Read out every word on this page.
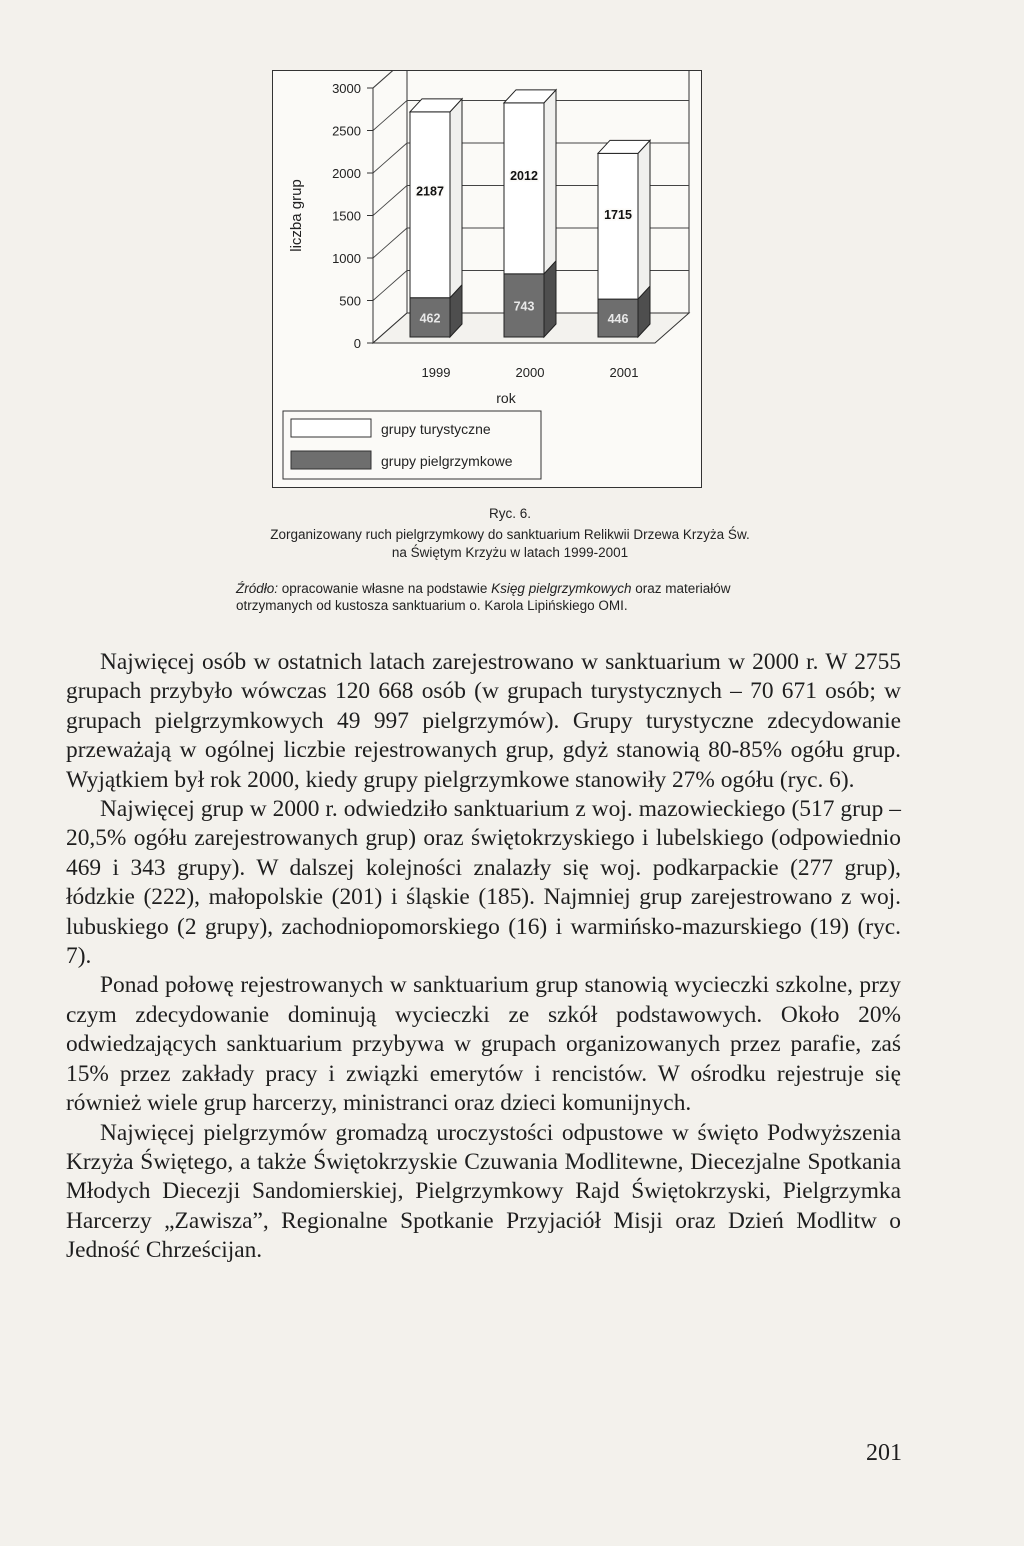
0
500
1000
1500
2000
2500
3000
liczba grup	2187
462
1999
2012
743
2000
1715
446
2001
rok
grupy turystyczne
grupy pielgrzymkowe
Ryc. 6.
Zorganizowany ruch pielgrzymkowy do sanktuarium Relikwii Drzewa Krzyża Św.
na Świętym Krzyżu w latach 1999-2001
Źródło: opracowanie własne na podstawie Księg pielgrzymkowych oraz materiałów otrzymanych od kustosza sanktuarium o. Karola Lipińskiego OMI.

Najwięcej osób w ostatnich latach zarejestrowano w sanktuarium w 2000 r. W 2755 grupach przybyło wówczas 120 668 osób (w grupach turystycznych – 70 671 osób; w grupach pielgrzymkowych 49 997 pielgrzymów). Grupy turystyczne zdecydowanie przeważają w ogólnej liczbie rejestrowanych grup, gdyż stanowią 80-85% ogółu grup. Wyjątkiem był rok 2000, kiedy grupy pielgrzymkowe stanowiły 27% ogółu (ryc. 6).

Najwięcej grup w 2000 r. odwiedziło sanktuarium z woj. mazowieckiego (517 grup – 20,5% ogółu zarejestrowanych grup) oraz świętokrzyskiego i lubelskiego (odpowiednio 469 i 343 grupy). W dalszej kolejności znalazły się woj. podkarpackie (277 grup), łódzkie (222), małopolskie (201) i śląskie (185). Najmniej grup zarejestrowano z woj. lubuskiego (2 grupy), zachodniopomorskiego (16) i warmińsko-mazurskiego (19) (ryc. 7).

Ponad połowę rejestrowanych w sanktuarium grup stanowią wycieczki szkolne, przy czym zdecydowanie dominują wycieczki ze szkół podstawowych. Około 20% odwiedzających sanktuarium przybywa w grupach organizowanych przez parafie, zaś 15% przez zakłady pracy i związki emerytów i rencistów. W ośrodku rejestruje się również wiele grup harcerzy, ministranci oraz dzieci komunijnych.

Najwięcej pielgrzymów gromadzą uroczystości odpustowe w święto Podwyższenia Krzyża Świętego, a także Świętokrzyskie Czuwania Modlitewne, Diecezjalne Spotkania Młodych Diecezji Sandomierskiej, Pielgrzymkowy Rajd Świętokrzyski, Pielgrzymka Harcerzy „Zawisza”, Regionalne Spotkanie Przyjaciół Misji oraz Dzień Modlitw o Jedność Chrześcijan.

201
